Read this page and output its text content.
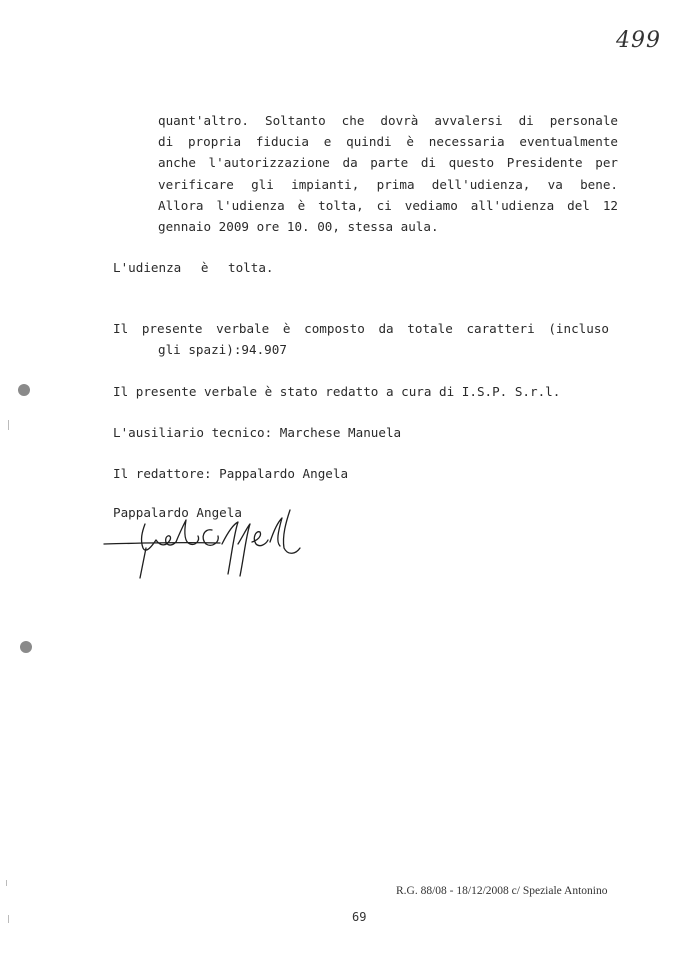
499
quant'altro. Soltanto che dovrà avvalersi di personale
di propria fiducia e quindi è necessaria eventualmente
anche l'autorizzazione da parte di questo Presidente per
verificare gli impianti, prima dell'udienza, va bene.
Allora l'udienza è tolta, ci vediamo all'udienza del 12
gennaio 2009 ore 10. 00, stessa aula.
L'udienza è tolta.
Il presente verbale è composto da totale caratteri (incluso
gli spazi):94.907
Il presente verbale è stato redatto a cura di I.S.P. S.r.l.
L'ausiliario tecnico: Marchese Manuela
Il redattore: Pappalardo Angela
Pappalardo Angela
R.G. 88/08 - 18/12/2008 c/ Speziale Antonino
69
